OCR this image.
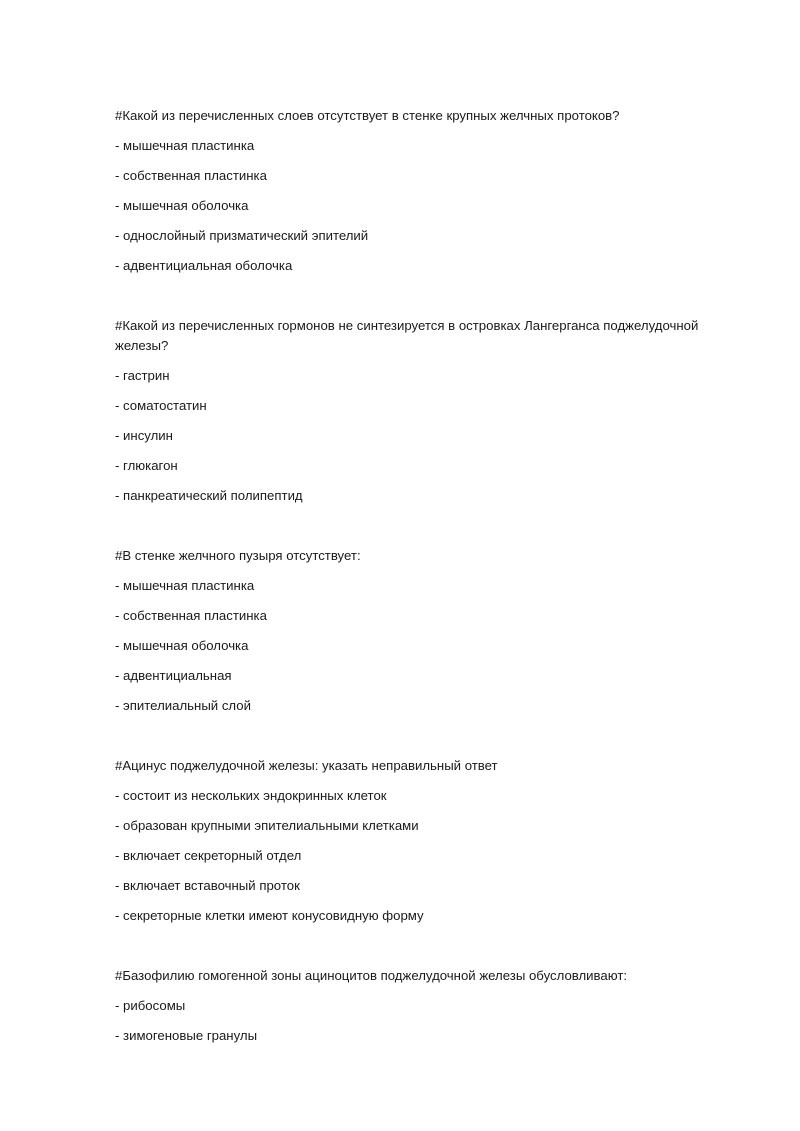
#Какой из перечисленных слоев отсутствует в стенке крупных желчных протоков?

- мышечная пластинка

- собственная пластинка

- мышечная оболочка

- однослойный призматический эпителий

- адвентициальная оболочка

#Какой из перечисленных гормонов не синтезируется в островках Лангерганса поджелудочной железы?

- гастрин

- соматостатин

- инсулин

- глюкагон

- панкреатический полипептид

#В стенке желчного пузыря отсутствует:

- мышечная пластинка

- собственная пластинка

- мышечная оболочка

- адвентициальная

- эпителиальный слой

#Ацинус поджелудочной железы: указать неправильный ответ

- состоит из нескольких эндокринных клеток

- образован крупными эпителиальными клетками

- включает секреторный отдел

- включает вставочный проток

- секреторные клетки имеют конусовидную форму

#Базофилию гомогенной зоны ациноцитов поджелудочной железы обусловливают:

- рибосомы

- зимогеновые гранулы
